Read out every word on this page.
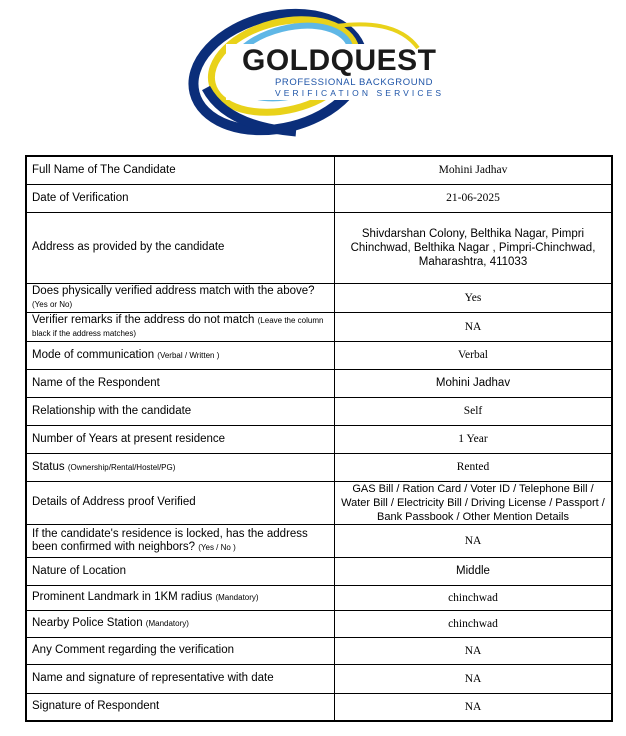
GOLDQUEST
PROFESSIONAL BACKGROUND
VERIFICATION SERVICES
Full Name of The Candidate	Mohini Jadhav
Date of Verification	21-06-2025
Address as provided by the candidate	Shivdarshan Colony, Belthika Nagar, Pimpri Chinchwad, Belthika Nagar , Pimpri-Chinchwad, Maharashtra, 411033
Does physically verified address match with the above? (Yes or No)	Yes
Verifier remarks if the address do not match (Leave the column black if the address matches)	NA
Mode of communication (Verbal / Written )	Verbal
Name of the Respondent	Mohini Jadhav
Relationship with the candidate	Self
Number of Years at present residence	1 Year
Status (Ownership/Rental/Hostel/PG)	Rented
Details of Address proof Verified	GAS Bill / Ration Card / Voter ID / Telephone Bill / Water Bill / Electricity Bill / Driving License / Passport / Bank Passbook / Other Mention Details
If the candidate's residence is locked, has the address been confirmed with neighbors? (Yes / No )	NA
Nature of Location	Middle
Prominent Landmark in 1KM radius (Mandatory)	chinchwad
Nearby Police Station (Mandatory)	chinchwad
Any Comment regarding the verification	NA
Name and signature of representative with date	NA
Signature of Respondent	NA
